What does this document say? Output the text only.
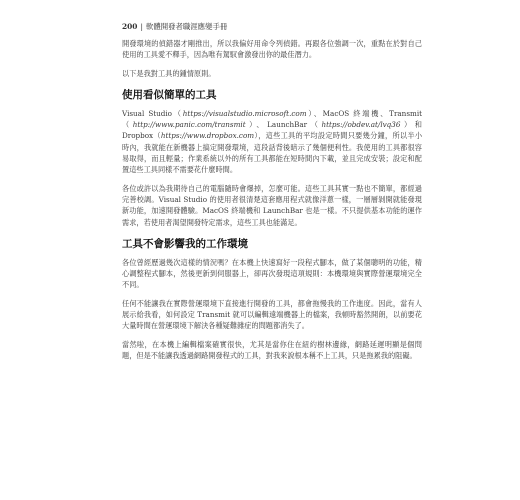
200 | 軟體開發者職涯應變手冊

開發環境的偵錯器才剛推出，所以我偏好用命令列偵錯。再跟各位強調一次，重點在於對自己使用的工具愛不釋手，因為唯有駕馭會激發出你的最佳潛力。

以下是我對工具的鍾情原則。

使用看似簡單的工具

Visual Studio（https://visualstudio.microsoft.com）、MacOS 終端機、Transmit（http://www.panic.com/transmit）、LaunchBar（https://obdev.at/lvq36）和 Dropbox（https://www.dropbox.com），這些工具的平均設定時間只要幾分鐘，所以半小時內，我就能在新機器上搞定開發環境，這段話背後暗示了幾個便利性。我使用的工具都很容易取得，而且輕量；作業系統以外的所有工具都能在短時間內下載，並且完成安裝；設定和配置這些工具同樣不需要花什麼時間。

各位或許以為我期待自己的電腦隨時會爆掉，怎麼可能。這些工具其實一點也不簡單，都經過完善校調。Visual Studio 的使用者很清楚這套應用程式就像洋蔥一樣，一層層剝開就能發現新功能，加速開發體驗。MacOS 終端機和 LaunchBar 也是一樣。不只提供基本功能的運作需求，若使用者渴望開發特定需求，這些工具也能滿足。

工具不會影響我的工作環境

各位曾經歷過幾次這樣的情況嗎？在本機上快速寫好一段程式腳本，做了某個聰明的功能，精心調整程式腳本，然後更新到伺服器上，卻再次發現這項規則：本機環境與實際營運環境完全不同。

任何不能讓我在實際營運環境下直接進行開發的工具，都會拖慢我的工作進度。因此，當有人展示給我看，如何設定 Transmit 就可以編輯遠端機器上的檔案，我頓時豁然開朗，以前要花大量時間在營運環境下解決各種疑難雜症的問題都消失了。

當然啦，在本機上編輯檔案確實很快，尤其是當你住在紐約樹林邊緣，網路延遲明顯是個問題，但是不能讓我透過網路開發程式的工具，對我來說根本稱不上工具，只是拖累我的阻礙。
